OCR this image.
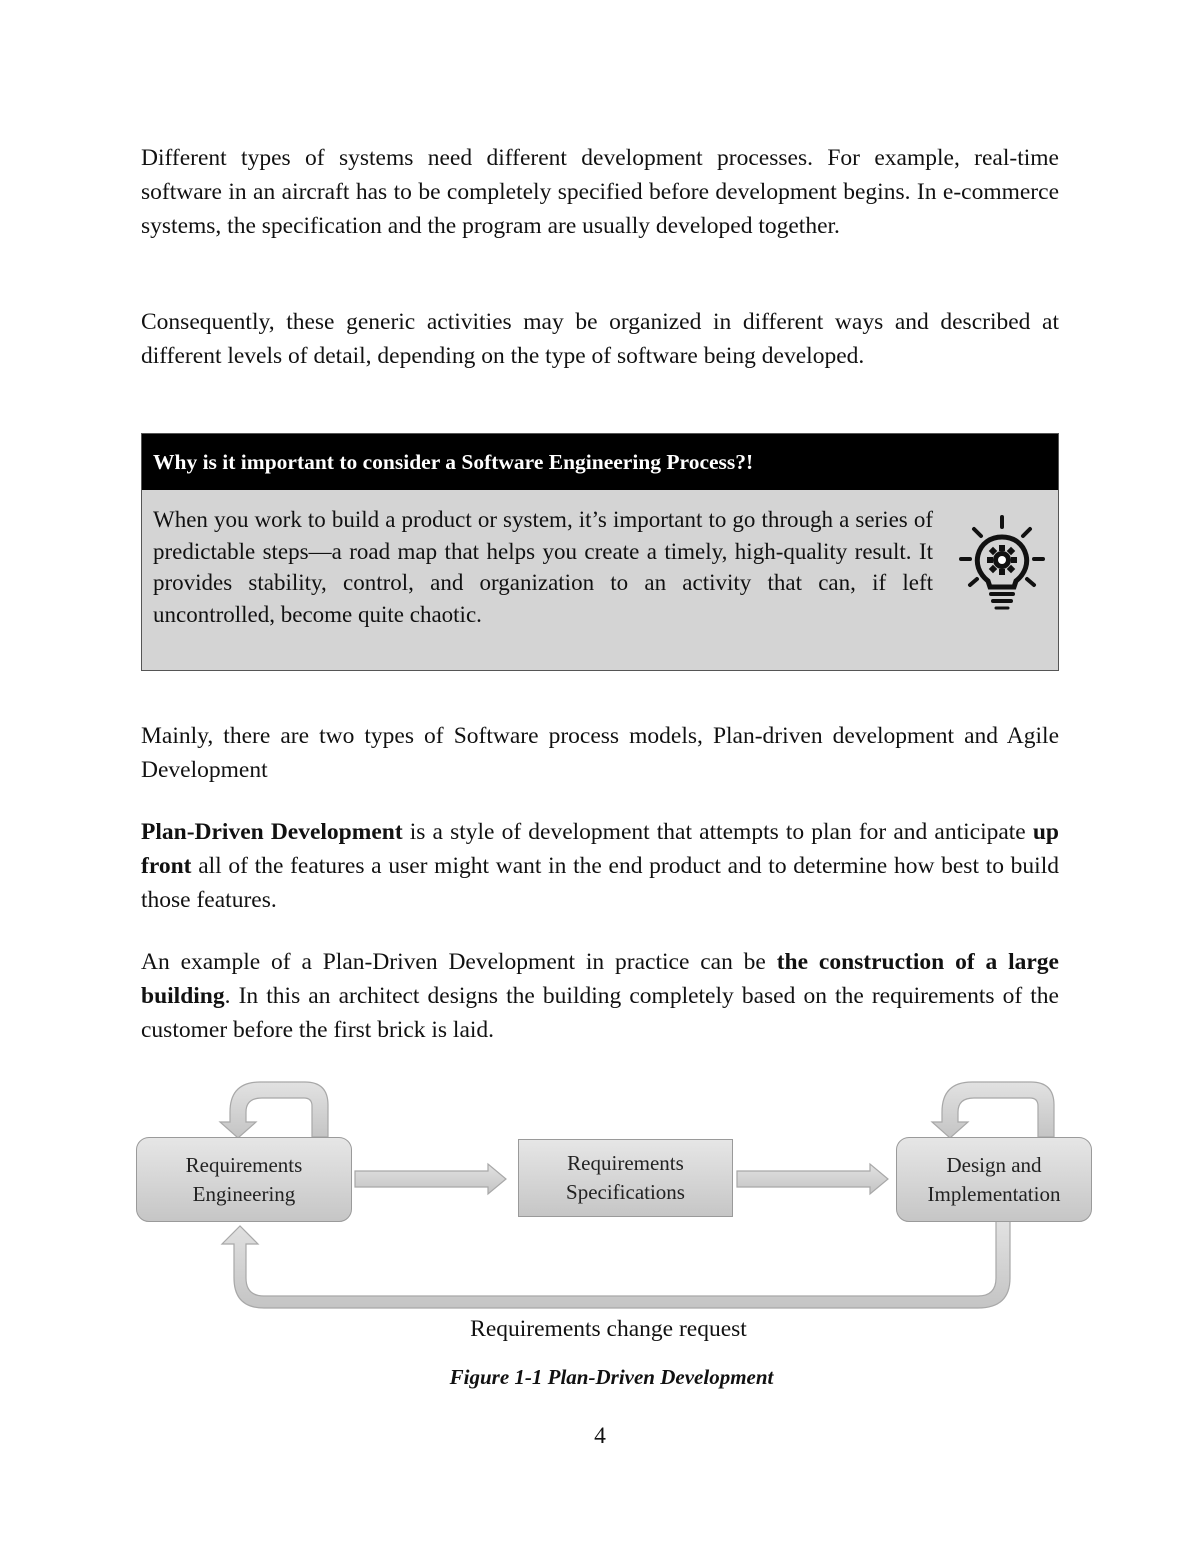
Different types of systems need different development processes. For example, real-time software in an aircraft has to be completely specified before development begins. In e-commerce systems, the specification and the program are usually developed together.

Consequently, these generic activities may be organized in different ways and described at different levels of detail, depending on the type of software being developed.

Why is it important to consider a Software Engineering Process?!

When you work to build a product or system, it’s important to go through a series of predictable steps—a road map that helps you create a timely, high-quality result. It provides stability, control, and organization to an activity that can, if left uncontrolled, become quite chaotic.

Mainly, there are two types of Software process models, Plan-driven development and Agile Development

Plan-Driven Development is a style of development that attempts to plan for and anticipate up front all of the features a user might want in the end product and to determine how best to build those features.

An example of a Plan-Driven Development in practice can be the construction of a large building. In this an architect designs the building completely based on the requirements of the customer before the first brick is laid.

Requirements
Engineering
Requirements
Specifications
Design and
Implementation
Requirements change request
Figure 1-1 Plan-Driven Development
4
